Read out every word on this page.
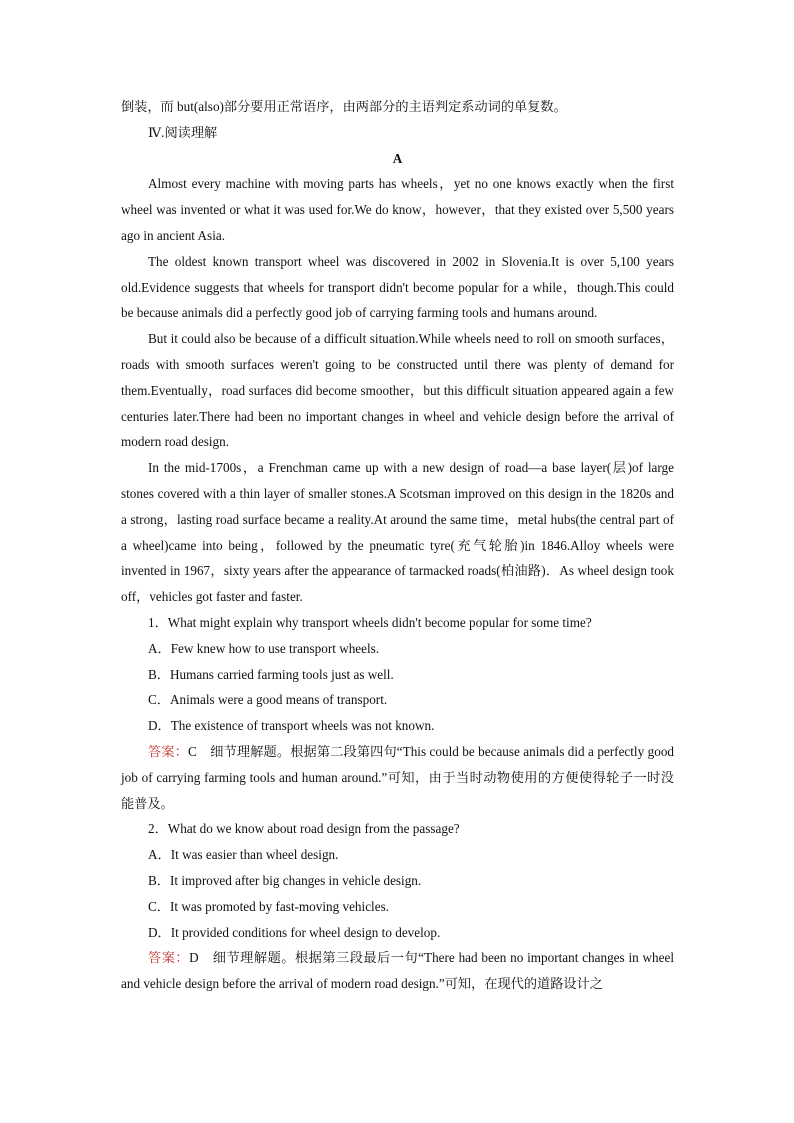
倒装，而 but(also)部分要用正常语序，由两部分的主语判定系动词的单复数。

Ⅳ.阅读理解

A

Almost every machine with moving parts has wheels，yet no one knows exactly when the first wheel was invented or what it was used for.We do know，however，that they existed over 5,500 years ago in ancient Asia.

The oldest known transport wheel was discovered in 2002 in Slovenia.It is over 5,100 years old.Evidence suggests that wheels for transport didn't become popular for a while，though.This could be because animals did a perfectly good job of carrying farming tools and humans around.

But it could also be because of a difficult situation.While wheels need to roll on smooth surfaces，roads with smooth surfaces weren't going to be constructed until there was plenty of demand for them.Eventually，road surfaces did become smoother，but this difficult situation appeared again a few centuries later.There had been no important changes in wheel and vehicle design before the arrival of modern road design.

In the mid-1700s，a Frenchman came up with a new design of road—a base layer(层)of large stones covered with a thin layer of smaller stones.A Scotsman improved on this design in the 1820s and a strong，lasting road surface became a reality.At around the same time，metal hubs(the central part of a wheel)came into being，followed by the pneumatic tyre(充气轮胎)in 1846.Alloy wheels were invented in 1967，sixty years after the appearance of tarmacked roads(柏油路)．As wheel design took off，vehicles got faster and faster.

1．What might explain why transport wheels didn't become popular for some time?

A．Few knew how to use transport wheels.

B．Humans carried farming tools just as well.

C．Animals were a good means of transport.

D．The existence of transport wheels was not known.

答案：C　细节理解题。根据第二段第四句“This could be because animals did a perfectly good job of carrying farming tools and human around.”可知，由于当时动物使用的方便使得轮子一时没能普及。

2．What do we know about road design from the passage?

A．It was easier than wheel design.

B．It improved after big changes in vehicle design.

C．It was promoted by fast-moving vehicles.

D．It provided conditions for wheel design to develop.

答案：D　细节理解题。根据第三段最后一句“There had been no important changes in wheel and vehicle design before the arrival of modern road design.”可知，在现代的道路设计之
